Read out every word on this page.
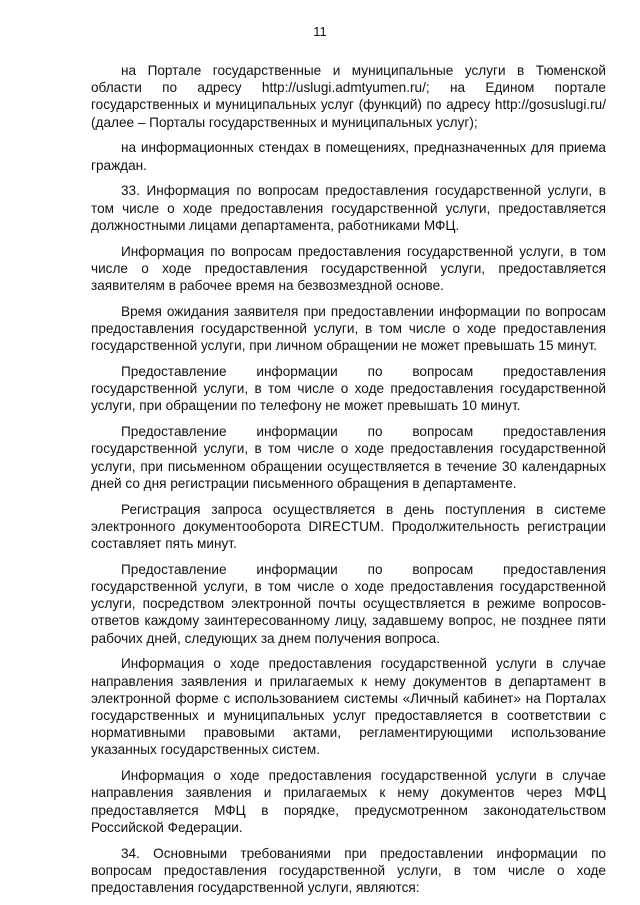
11

на Портале государственные и муниципальные услуги в Тюменской области по адресу http://uslugi.admtyumen.ru/; на Едином портале государственных и муниципальных услуг (функций) по адресу http://gosuslugi.ru/ (далее – Порталы государственных и муниципальных услуг);

на информационных стендах в помещениях, предназначенных для приема граждан.

33. Информация по вопросам предоставления государственной услуги, в том числе о ходе предоставления государственной услуги, предоставляется должностными лицами департамента, работниками МФЦ.

Информация по вопросам предоставления государственной услуги, в том числе о ходе предоставления государственной услуги, предоставляется заявителям в рабочее время на безвозмездной основе.

Время ожидания заявителя при предоставлении информации по вопросам предоставления государственной услуги, в том числе о ходе предоставления государственной услуги, при личном обращении не может превышать 15 минут.

Предоставление информации по вопросам предоставления государственной услуги, в том числе о ходе предоставления государственной услуги, при обращении по телефону не может превышать 10 минут.

Предоставление информации по вопросам предоставления государственной услуги, в том числе о ходе предоставления государственной услуги, при письменном обращении осуществляется в течение 30 календарных дней со дня регистрации письменного обращения в департаменте.

Регистрация запроса осуществляется в день поступления в системе электронного документооборота DIRECTUM. Продолжительность регистрации составляет пять минут.

Предоставление информации по вопросам предоставления государственной услуги, в том числе о ходе предоставления государственной услуги, посредством электронной почты осуществляется в режиме вопросов-ответов каждому заинтересованному лицу, задавшему вопрос, не позднее пяти рабочих дней, следующих за днем получения вопроса.

Информация о ходе предоставления государственной услуги в случае направления заявления и прилагаемых к нему документов в департамент в электронной форме с использованием системы «Личный кабинет» на Порталах государственных и муниципальных услуг предоставляется в соответствии с нормативными правовыми актами, регламентирующими использование указанных государственных систем.

Информация о ходе предоставления государственной услуги в случае направления заявления и прилагаемых к нему документов через МФЦ предоставляется МФЦ в порядке, предусмотренном законодательством Российской Федерации.

34. Основными требованиями при предоставлении информации по вопросам предоставления государственной услуги, в том числе о ходе предоставления государственной услуги, являются:
